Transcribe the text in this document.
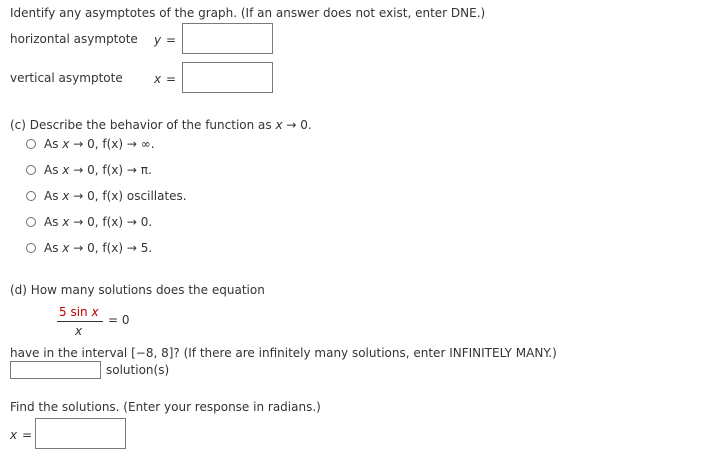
Identify any asymptotes of the graph. (If an answer does not exist, enter DNE.)
horizontal asymptote y =
vertical asymptote	x =
(c) Describe the behavior of the function as x → 0.
As
x
→ 0,
f(x)
→ ∞.
As
x
→ 0,
f(x)
→ π.
As
x
→ 0,
f(x)
oscillates.
As
x
→ 0,
f(x)
→ 0.
As
x
→ 0,
f(x)
→ 5.
(d) How many solutions does the equation
5 sin x
x
= 0
have in the interval [−8, 8]? (If there are infinitely many solutions, enter INFINITELY MANY.)
solution(s)
Find the solutions. (Enter your response in radians.)
x =
